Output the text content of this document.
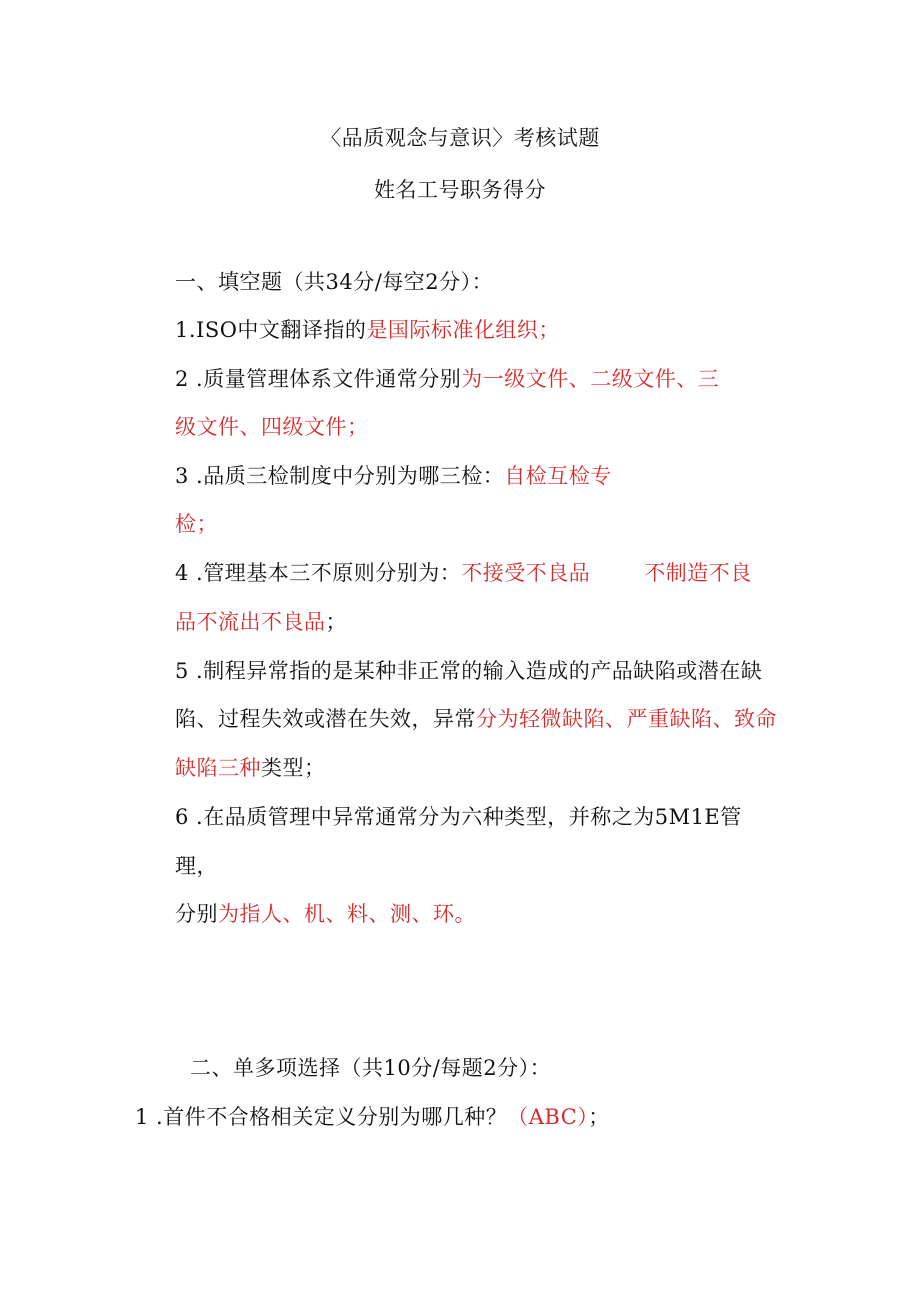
〈品质观念与意识〉考核试题
姓名工号职务得分
一、填空题（共34分/每空2分）：
1.ISO中文翻译指的是国际标准化组织；
2 .质量管理体系文件通常分别为一级文件、二级文件、三
级文件、四级文件；
3 .品质三检制度中分别为哪三检：自检互检专
检；
4 .管理基本三不原则分别为：不接受不良品	不制造不良
品不流出不良品；
5 .制程异常指的是某种非正常的输入造成的产品缺陷或潜在缺
陷、过程失效或潜在失效，异常分为轻微缺陷、严重缺陷、致命
缺陷三种类型；
6 .在品质管理中异常通常分为六种类型，并称之为5M1E管
理，
分别为指人、机、料、测、环。
二、单多项选择（共10分/每题2分）：
1 .首件不合格相关定义分别为哪几种？（ABC）；
